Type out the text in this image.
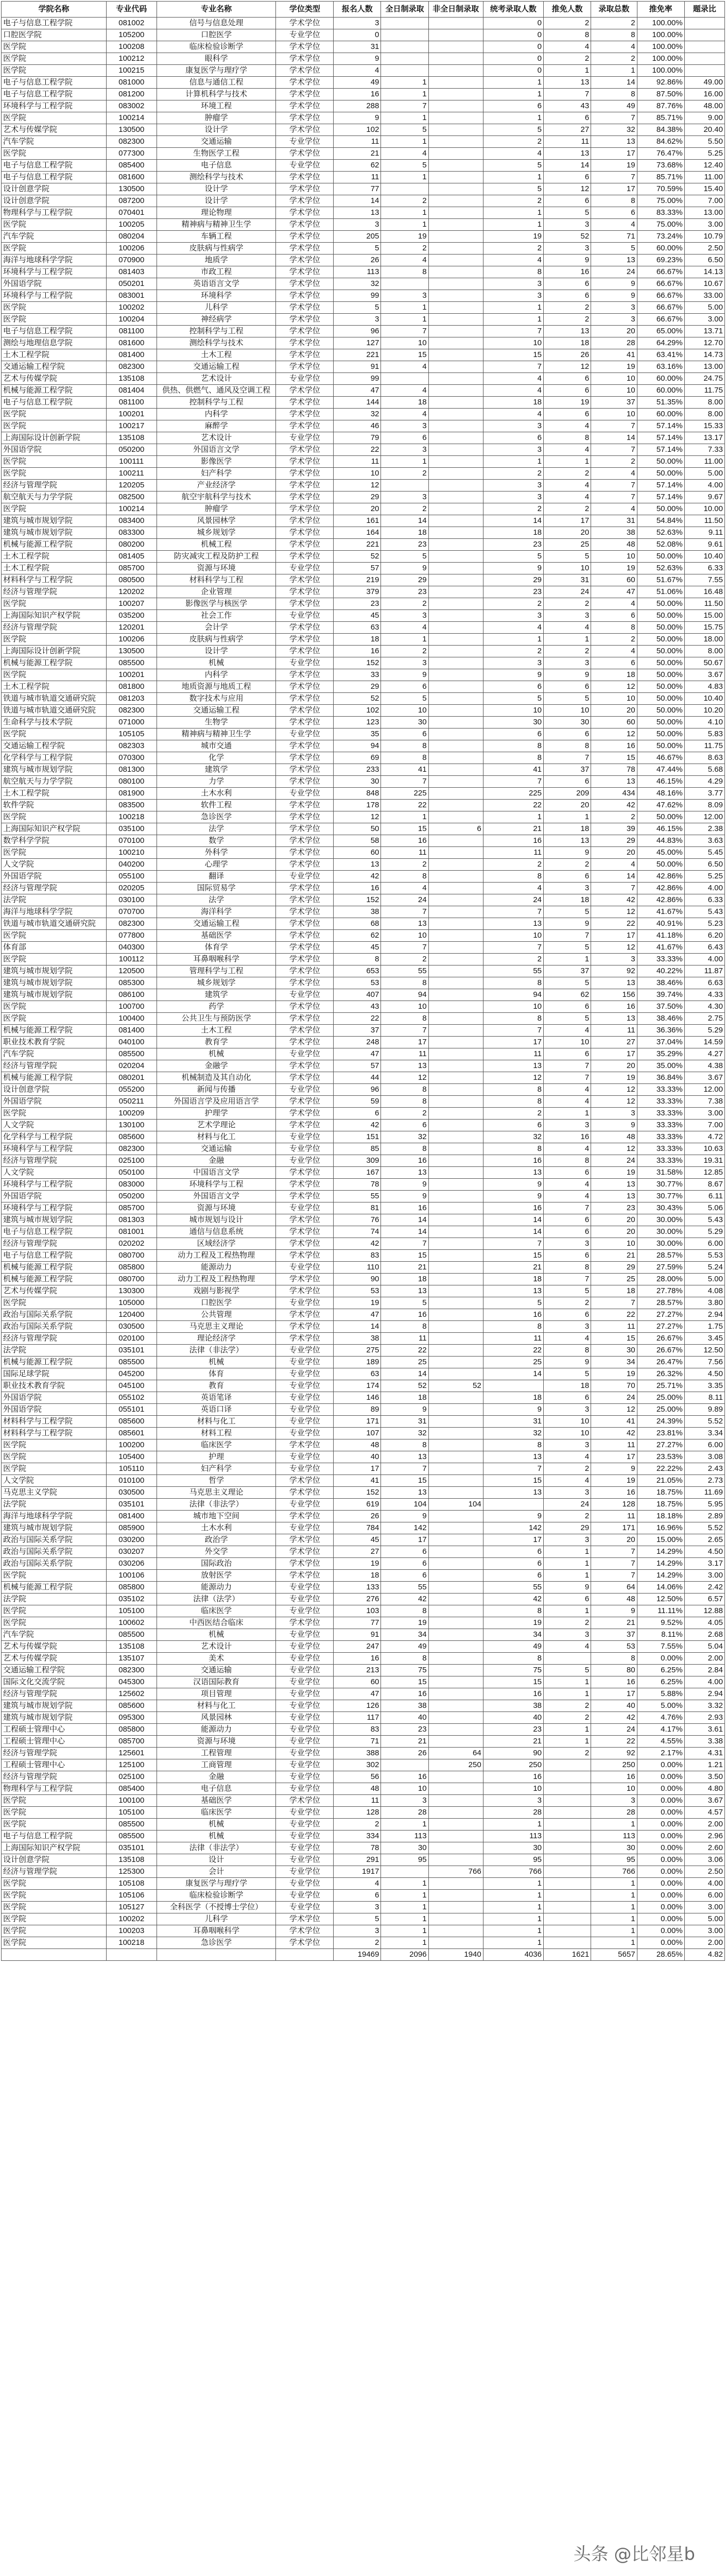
学院名称	专业代码	专业名称	学位类型	报名人数	全日制录取	非全日制录取	统考录取人数	推免人数	录取总数	推免率	题录比
电子与信息工程学院	081002	信号与信息处理	学术学位	3			0	2	2	100.00%	
口腔医学院	105200	口腔医学	专业学位	0			0	8	8	100.00%	
医学院	100208	临床检验诊断学	学术学位	31			0	4	4	100.00%	
医学院	100212	眼科学	学术学位	9			0	2	2	100.00%	
医学院	100215	康复医学与理疗学	学术学位	4			0	1	1	100.00%	
电子与信息工程学院	081000	信息与通信工程	学术学位	49	1		1	13	14	92.86%	49.00
电子与信息工程学院	081200	计算机科学与技术	学术学位	16	1		1	7	8	87.50%	16.00
环境科学与工程学院	083002	环境工程	学术学位	288	7		6	43	49	87.76%	48.00
医学院	100214	肿瘤学	学术学位	9	1		1	6	7	85.71%	9.00
艺术与传媒学院	130500	设计学	学术学位	102	5		5	27	32	84.38%	20.40
汽车学院	082300	交通运输	专业学位	11	1		2	11	13	84.62%	5.50
医学院	077300	生物医学工程	学术学位	21	4		4	13	17	76.47%	5.25
电子与信息工程学院	085400	电子信息	专业学位	62	5		5	14	19	73.68%	12.40
电子与信息工程学院	081600	测绘科学与技术	学术学位	11	1		1	6	7	85.71%	11.00
设计创意学院	130500	设计学	学术学位	77			5	12	17	70.59%	15.40
设计创意学院	087200	设计学	学术学位	14	2		2	6	8	75.00%	7.00
物理科学与工程学院	070401	理论物理	学术学位	13	1		1	5	6	83.33%	13.00
医学院	100205	精神病与精神卫生学	学术学位	3	1		1	3	4	75.00%	3.00
汽车学院	080204	车辆工程	学术学位	205	19		19	52	71	73.24%	10.79
医学院	100206	皮肤病与性病学	学术学位	5	2		2	3	5	60.00%	2.50
海洋与地球科学学院	070900	地质学	学术学位	26	4		4	9	13	69.23%	6.50
环境科学与工程学院	081403	市政工程	学术学位	113	8		8	16	24	66.67%	14.13
外国语学院	050201	英语语言文学	学术学位	32			3	6	9	66.67%	10.67
环境科学与工程学院	083001	环境科学	学术学位	99	3		3	6	9	66.67%	33.00
医学院	100202	儿科学	学术学位	5	1		1	2	3	66.67%	5.00
医学院	100204	神经病学	学术学位	3	1		1	2	3	66.67%	3.00
电子与信息工程学院	081100	控制科学与工程	学术学位	96	7		7	13	20	65.00%	13.71
测绘与地理信息学院	081600	测绘科学与技术	学术学位	127	10		10	18	28	64.29%	12.70
土木工程学院	081400	土木工程	学术学位	221	15		15	26	41	63.41%	14.73
交通运输工程学院	082300	交通运输工程	学术学位	91	4		7	12	19	63.16%	13.00
艺术与传媒学院	135108	艺术设计	专业学位	99			4	6	10	60.00%	24.75
机械与能源工程学院	081404	供热、供燃气、通风及空调工程	学术学位	47	4		4	6	10	60.00%	11.75
电子与信息工程学院	081100	控制科学与工程	学术学位	144	18		18	19	37	51.35%	8.00
医学院	100201	内科学	学术学位	32	4		4	6	10	60.00%	8.00
医学院	100217	麻醉学	学术学位	46	3		3	4	7	57.14%	15.33
上海国际设计创新学院	135108	艺术设计	专业学位	79	6		6	8	14	57.14%	13.17
外国语学院	050200	外国语言文学	学术学位	22	3		3	4	7	57.14%	7.33
医学院	100111	影像医学	学术学位	11	1		1	1	2	50.00%	11.00
医学院	100211	妇产科学	学术学位	10	2		2	2	4	50.00%	5.00
经济与管理学院	120205	产业经济学	学术学位	12			3	4	7	57.14%	4.00
航空航天与力学学院	082500	航空宇航科学与技术	学术学位	29	3		3	4	7	57.14%	9.67
医学院	100214	肿瘤学	学术学位	20	2		2	2	4	50.00%	10.00
建筑与城市规划学院	083400	风景园林学	学术学位	161	14		14	17	31	54.84%	11.50
建筑与城市规划学院	083300	城乡规划学	学术学位	164	18		18	20	38	52.63%	9.11
机械与能源工程学院	080200	机械工程	学术学位	221	23		23	25	48	52.08%	9.61
土木工程学院	081405	防灾减灾工程及防护工程	学术学位	52	5		5	5	10	50.00%	10.40
土木工程学院	085700	资源与环境	专业学位	57	9		9	10	19	52.63%	6.33
材料科学与工程学院	080500	材料科学与工程	学术学位	219	29		29	31	60	51.67%	7.55
经济与管理学院	120202	企业管理	学术学位	379	23		23	24	47	51.06%	16.48
医学院	100207	影像医学与核医学	学术学位	23	2		2	2	4	50.00%	11.50
上海国际知识产权学院	035200	社会工作	专业学位	45	3		3	3	6	50.00%	15.00
经济与管理学院	120201	会计学	学术学位	63	4		4	4	8	50.00%	15.75
医学院	100206	皮肤病与性病学	学术学位	18	1		1	1	2	50.00%	18.00
上海国际设计创新学院	130500	设计学	学术学位	16	2		2	2	4	50.00%	8.00
机械与能源工程学院	085500	机械	专业学位	152	3		3	3	6	50.00%	50.67
医学院	100201	内科学	学术学位	33	9		9	9	18	50.00%	3.67
土木工程学院	081800	地质资源与地质工程	学术学位	29	6		6	6	12	50.00%	4.83
铁道与城市轨道交通研究院	081203	数字技术与应用	学术学位	52	5		5	5	10	50.00%	10.40
铁道与城市轨道交通研究院	082300	交通运输工程	学术学位	102	10		10	10	20	50.00%	10.20
生命科学与技术学院	071000	生物学	学术学位	123	30		30	30	60	50.00%	4.10
医学院	105105	精神病与精神卫生学	专业学位	35	6		6	6	12	50.00%	5.83
交通运输工程学院	082303	城市交通	学术学位	94	8		8	8	16	50.00%	11.75
化学科学与工程学院	070300	化学	学术学位	69	8		8	7	15	46.67%	8.63
建筑与城市规划学院	081300	建筑学	学术学位	233	41		41	37	78	47.44%	5.68
航空航天与力学学院	080100	力学	学术学位	30	7		7	6	13	46.15%	4.29
土木工程学院	081900	土木水利	专业学位	848	225		225	209	434	48.16%	3.77
软件学院	083500	软件工程	学术学位	178	22		22	20	42	47.62%	8.09
医学院	100218	急诊医学	学术学位	12	1		1	1	2	50.00%	12.00
上海国际知识产权学院	035100	法学	学术学位	50	15	6	21	18	39	46.15%	2.38
数学科学学院	070100	数学	学术学位	58	16		16	13	29	44.83%	3.63
医学院	100210	外科学	学术学位	60	11		11	9	20	45.00%	5.45
人文学院	040200	心理学	学术学位	13	2		2	2	4	50.00%	6.50
外国语学院	055100	翻译	专业学位	42	8		8	6	14	42.86%	5.25
经济与管理学院	020205	国际贸易学	学术学位	16	4		4	3	7	42.86%	4.00
法学院	030100	法学	学术学位	152	24		24	18	42	42.86%	6.33
海洋与地球科学学院	070700	海洋科学	学术学位	38	7		7	5	12	41.67%	5.43
铁道与城市轨道交通研究院	082300	交通运输工程	学术学位	68	13		13	9	22	40.91%	5.23
医学院	077800	基础医学	学术学位	62	10		10	7	17	41.18%	6.20
体育部	040300	体育学	学术学位	45	7		7	5	12	41.67%	6.43
医学院	100112	耳鼻咽喉科学	学术学位	8	2		2	1	3	33.33%	4.00
建筑与城市规划学院	120500	管理科学与工程	学术学位	653	55		55	37	92	40.22%	11.87
建筑与城市规划学院	085300	城乡规划学	学术学位	53	8		8	5	13	38.46%	6.63
建筑与城市规划学院	086100	建筑学	专业学位	407	94		94	62	156	39.74%	4.33
医学院	100700	药学	学术学位	43	10		10	6	16	37.50%	4.30
医学院	100400	公共卫生与预防医学	学术学位	22	8		8	5	13	38.46%	2.75
机械与能源工程学院	081400	土木工程	学术学位	37	7		7	4	11	36.36%	5.29
职业技术教育学院	040100	教育学	学术学位	248	17		17	10	27	37.04%	14.59
汽车学院	085500	机械	专业学位	47	11		11	6	17	35.29%	4.27
经济与管理学院	020204	金融学	学术学位	57	13		13	7	20	35.00%	4.38
机械与能源工程学院	080201	机械制造及其自动化	学术学位	44	12		12	7	19	36.84%	3.67
设计创意学院	055200	新闻与传播	专业学位	96	8		8	4	12	33.33%	12.00
外国语学院	050211	外国语言学及应用语言学	学术学位	59	8		8	4	12	33.33%	7.38
医学院	100209	护理学	学术学位	6	2		2	1	3	33.33%	3.00
人文学院	130100	艺术学理论	学术学位	42	6		6	3	9	33.33%	7.00
化学科学与工程学院	085600	材料与化工	专业学位	151	32		32	16	48	33.33%	4.72
环境科学与工程学院	082300	交通运输	专业学位	85	8		8	4	12	33.33%	10.63
经济与管理学院	025100	金融	专业学位	309	16		16	8	24	33.33%	19.31
人文学院	050100	中国语言文学	学术学位	167	13		13	6	19	31.58%	12.85
环境科学与工程学院	083000	环境科学与工程	学术学位	78	9		9	4	13	30.77%	8.67
外国语学院	050200	外国语言文学	学术学位	55	9		9	4	13	30.77%	6.11
环境科学与工程学院	085700	资源与环境	专业学位	81	16		16	7	23	30.43%	5.06
建筑与城市规划学院	081303	城市规划与设计	学术学位	76	14		14	6	20	30.00%	5.43
电子与信息工程学院	081001	通信与信息系统	学术学位	74	14		14	6	20	30.00%	5.29
经济与管理学院	020202	区域经济学	学术学位	42	7		7	3	10	30.00%	6.00
电子与信息工程学院	080700	动力工程及工程热物理	学术学位	83	15		15	6	21	28.57%	5.53
机械与能源工程学院	085800	能源动力	专业学位	110	21		21	8	29	27.59%	5.24
机械与能源工程学院	080700	动力工程及工程热物理	学术学位	90	18		18	7	25	28.00%	5.00
艺术与传媒学院	130300	戏剧与影视学	学术学位	53	13		13	5	18	27.78%	4.08
医学院	105000	口腔医学	专业学位	19	5		5	2	7	28.57%	3.80
政治与国际关系学院	120400	公共管理	学术学位	47	16		16	6	22	27.27%	2.94
政治与国际关系学院	030500	马克思主义理论	学术学位	14	8		8	3	11	27.27%	1.75
经济与管理学院	020100	理论经济学	学术学位	38	11		11	4	15	26.67%	3.45
法学院	035101	法律（非法学）	专业学位	275	22		22	8	30	26.67%	12.50
机械与能源工程学院	085500	机械	专业学位	189	25		25	9	34	26.47%	7.56
国际足球学院	045200	体育	专业学位	63	14		14	5	19	26.32%	4.50
职业技术教育学院	045100	教育	专业学位	174	52	52		18	70	25.71%	3.35
外国语学院	055102	英语笔译	专业学位	146	18		18	6	24	25.00%	8.11
外国语学院	055101	英语口译	专业学位	89	9		9	3	12	25.00%	9.89
材料科学与工程学院	085600	材料与化工	专业学位	171	31		31	10	41	24.39%	5.52
材料科学与工程学院	085601	材料工程	专业学位	107	32		32	10	42	23.81%	3.34
医学院	100200	临床医学	学术学位	48	8		8	3	11	27.27%	6.00
医学院	105400	护理	专业学位	40	13		13	4	17	23.53%	3.08
医学院	105110	妇产科学	专业学位	17	7		7	2	9	22.22%	2.43
人文学院	010100	哲学	学术学位	41	15		15	4	19	21.05%	2.73
马克思主义学院	030500	马克思主义理论	学术学位	152	13		13	3	16	18.75%	11.69
法学院	035101	法律（非法学）	专业学位	619	104	104		24	128	18.75%	5.95
海洋与地球科学学院	081400	城市地下空间	学术学位	26	9		9	2	11	18.18%	2.89
建筑与城市规划学院	085900	土木水利	专业学位	784	142		142	29	171	16.96%	5.52
政治与国际关系学院	030200	政治学	学术学位	45	17		17	3	20	15.00%	2.65
政治与国际关系学院	030207	外交学	学术学位	27	6		6	1	7	14.29%	4.50
政治与国际关系学院	030206	国际政治	学术学位	19	6		6	1	7	14.29%	3.17
医学院	100106	放射医学	学术学位	18	6		6	1	7	14.29%	3.00
机械与能源工程学院	085800	能源动力	专业学位	133	55		55	9	64	14.06%	2.42
法学院	035102	法律（法学）	专业学位	276	42		42	6	48	12.50%	6.57
医学院	105100	临床医学	专业学位	103	8		8	1	9	11.11%	12.88
医学院	100602	中西医结合临床	学术学位	77	19		19	2	21	9.52%	4.05
汽车学院	085500	机械	专业学位	91	34		34	3	37	8.11%	2.68
艺术与传媒学院	135108	艺术设计	专业学位	247	49		49	4	53	7.55%	5.04
艺术与传媒学院	135107	美术	专业学位	16	8		8		8	0.00%	2.00
交通运输工程学院	082300	交通运输	专业学位	213	75		75	5	80	6.25%	2.84
国际文化交流学院	045300	汉语国际教育	专业学位	60	15		15	1	16	6.25%	4.00
经济与管理学院	125602	项目管理	专业学位	47	16		16	1	17	5.88%	2.94
建筑与城市规划学院	085600	材料与化工	专业学位	126	38		38	2	40	5.00%	3.32
建筑与城市规划学院	095300	风景园林	专业学位	117	40		40	2	42	4.76%	2.93
工程硕士管理中心	085800	能源动力	专业学位	83	23		23	1	24	4.17%	3.61
工程硕士管理中心	085700	资源与环境	专业学位	71	21		21	1	22	4.55%	3.38
经济与管理学院	125601	工程管理	专业学位	388	26	64	90	2	92	2.17%	4.31
工程硕士管理中心	125100	工商管理	专业学位	302		250	250		250	0.00%	1.21
经济与管理学院	025100	金融	专业学位	56	16		16		16	0.00%	3.50
物理科学与工程学院	085400	电子信息	专业学位	48	10		10		10	0.00%	4.80
医学院	100100	基础医学	学术学位	11	3		3		3	0.00%	3.67
医学院	105100	临床医学	专业学位	128	28		28		28	0.00%	4.57
医学院	085500	机械	专业学位	2	1		1		1	0.00%	2.00
电子与信息工程学院	085500	机械	专业学位	334	113		113		113	0.00%	2.96
上海国际知识产权学院	035101	法律（非法学）	专业学位	78	30		30		30	0.00%	2.60
设计创意学院	135108	设计	专业学位	291	95		95		95	0.00%	3.06
经济与管理学院	125300	会计	专业学位	1917		766	766		766	0.00%	2.50
医学院	105108	康复医学与理疗学	专业学位	4	1		1		1	0.00%	4.00
医学院	105106	临床检验诊断学	专业学位	6	1		1		1	0.00%	6.00
医学院	105127	全科医学（不授博士学位）	专业学位	3	1		1		1	0.00%	3.00
医学院	100202	儿科学	学术学位	5	1		1		1	0.00%	5.00
医学院	100203	耳鼻咽喉科学	学术学位	3	1		1		1	0.00%	3.00
医学院	100218	急诊医学	学术学位	2	1		1		1	0.00%	2.00
				19469	2096	1940	4036	1621	5657	28.65%	4.82
头条 @比邻星b
